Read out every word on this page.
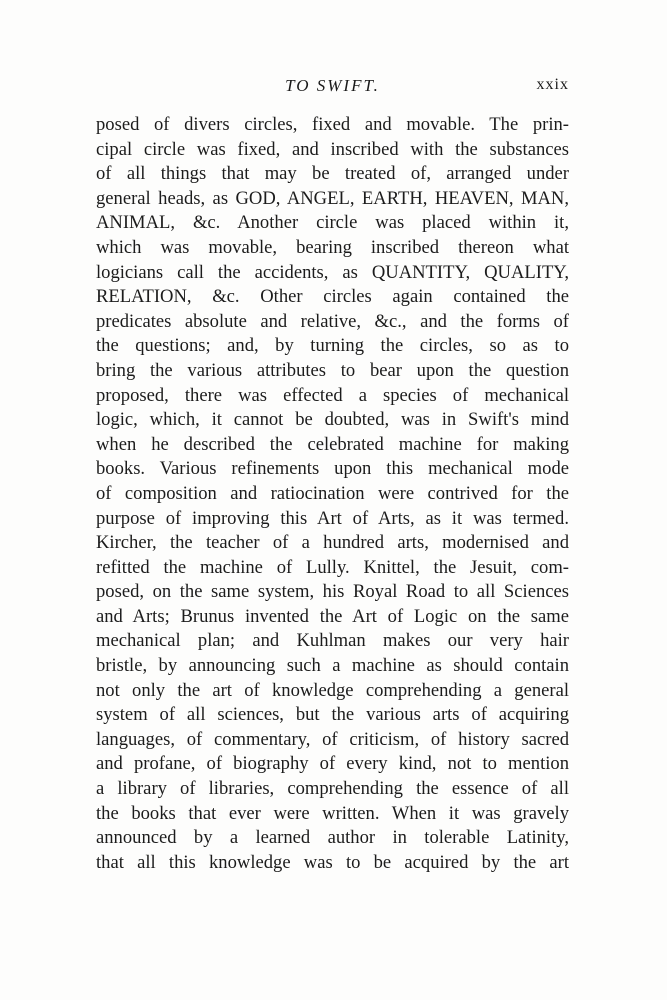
TO SWIFT.	xxix
posed of divers circles, fixed and movable. The prin-
cipal circle was fixed, and inscribed with the substances
of all things that may be treated of, arranged under
general heads, as GOD, ANGEL, EARTH, HEAVEN, MAN,
ANIMAL, &c. Another circle was placed within it,
which was movable, bearing inscribed thereon what
logicians call the accidents, as QUANTITY, QUALITY,
RELATION, &c. Other circles again contained the
predicates absolute and relative, &c., and the forms of
the questions; and, by turning the circles, so as to
bring the various attributes to bear upon the question
proposed, there was effected a species of mechanical
logic, which, it cannot be doubted, was in Swift's mind
when he described the celebrated machine for making
books. Various refinements upon this mechanical mode
of composition and ratiocination were contrived for the
purpose of improving this Art of Arts, as it was termed.
Kircher, the teacher of a hundred arts, modernised and
refitted the machine of Lully. Knittel, the Jesuit, com-
posed, on the same system, his Royal Road to all Sciences
and Arts; Brunus invented the Art of Logic on the same
mechanical plan; and Kuhlman makes our very hair
bristle, by announcing such a machine as should contain
not only the art of knowledge comprehending a general
system of all sciences, but the various arts of acquiring
languages, of commentary, of criticism, of history sacred
and profane, of biography of every kind, not to mention
a library of libraries, comprehending the essence of all
the books that ever were written. When it was gravely
announced by a learned author in tolerable Latinity,
that all this knowledge was to be acquired by the art
